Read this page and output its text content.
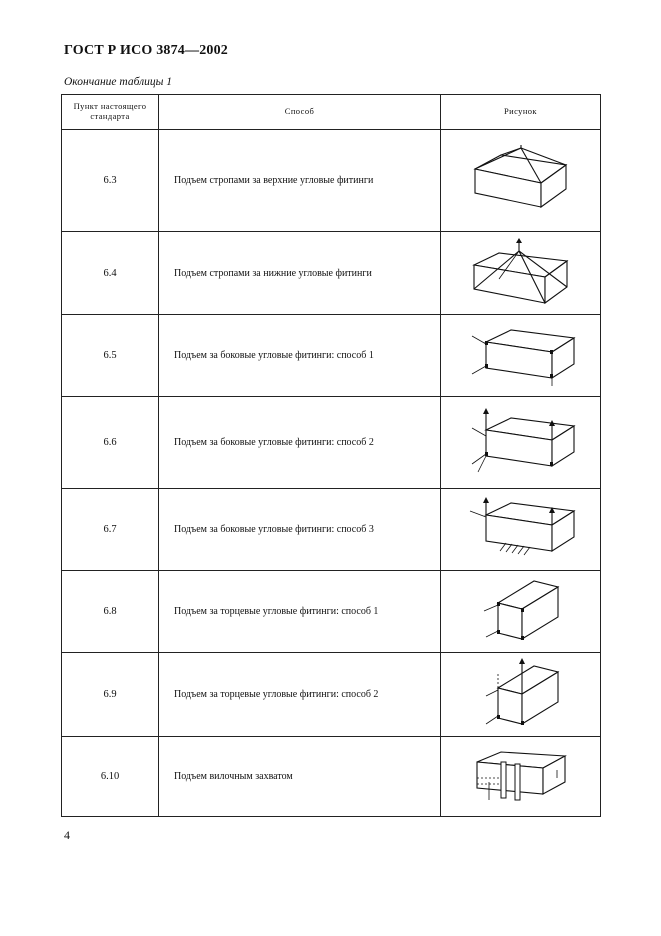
ГОСТ Р ИСО 3874—2002
Окончание таблицы 1
Пункт настоящего стандарта	Способ	Рисунок
6.3	Подъем стропами за верхние угловые фитинги	

6.4	Подъем стропами за нижние угловые фитинги	

6.5	Подъем за боковые угловые фитинги: способ 1	

6.6	Подъем за боковые угловые фитинги: способ 2	

6.7	Подъем за боковые угловые фитинги: способ 3	

6.8	Подъем за торцевые угловые фитинги: способ 1	

6.9	Подъем за торцевые угловые фитинги: способ 2	

6.10	Подъем вилочным захватом	
4
